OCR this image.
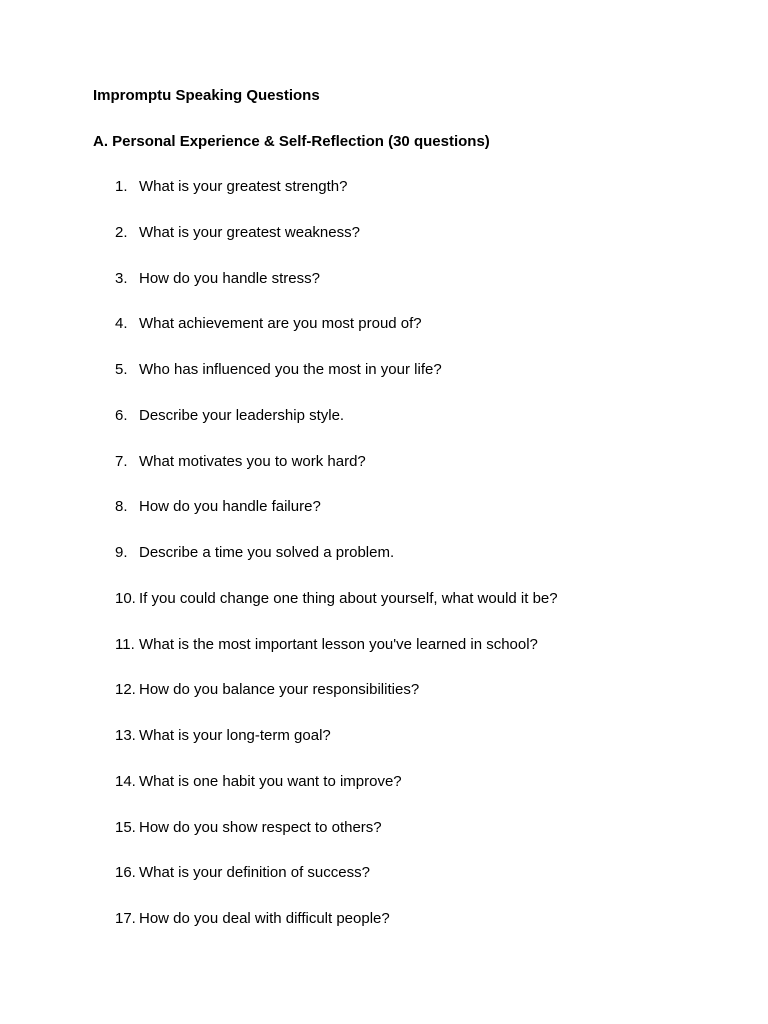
Impromptu Speaking Questions
A. Personal Experience & Self-Reflection (30 questions)
1. What is your greatest strength?
2. What is your greatest weakness?
3. How do you handle stress?
4. What achievement are you most proud of?
5. Who has influenced you the most in your life?
6. Describe your leadership style.
7. What motivates you to work hard?
8. How do you handle failure?
9. Describe a time you solved a problem.
10. If you could change one thing about yourself, what would it be?
11. What is the most important lesson you've learned in school?
12. How do you balance your responsibilities?
13. What is your long-term goal?
14. What is one habit you want to improve?
15. How do you show respect to others?
16. What is your definition of success?
17. How do you deal with difficult people?
